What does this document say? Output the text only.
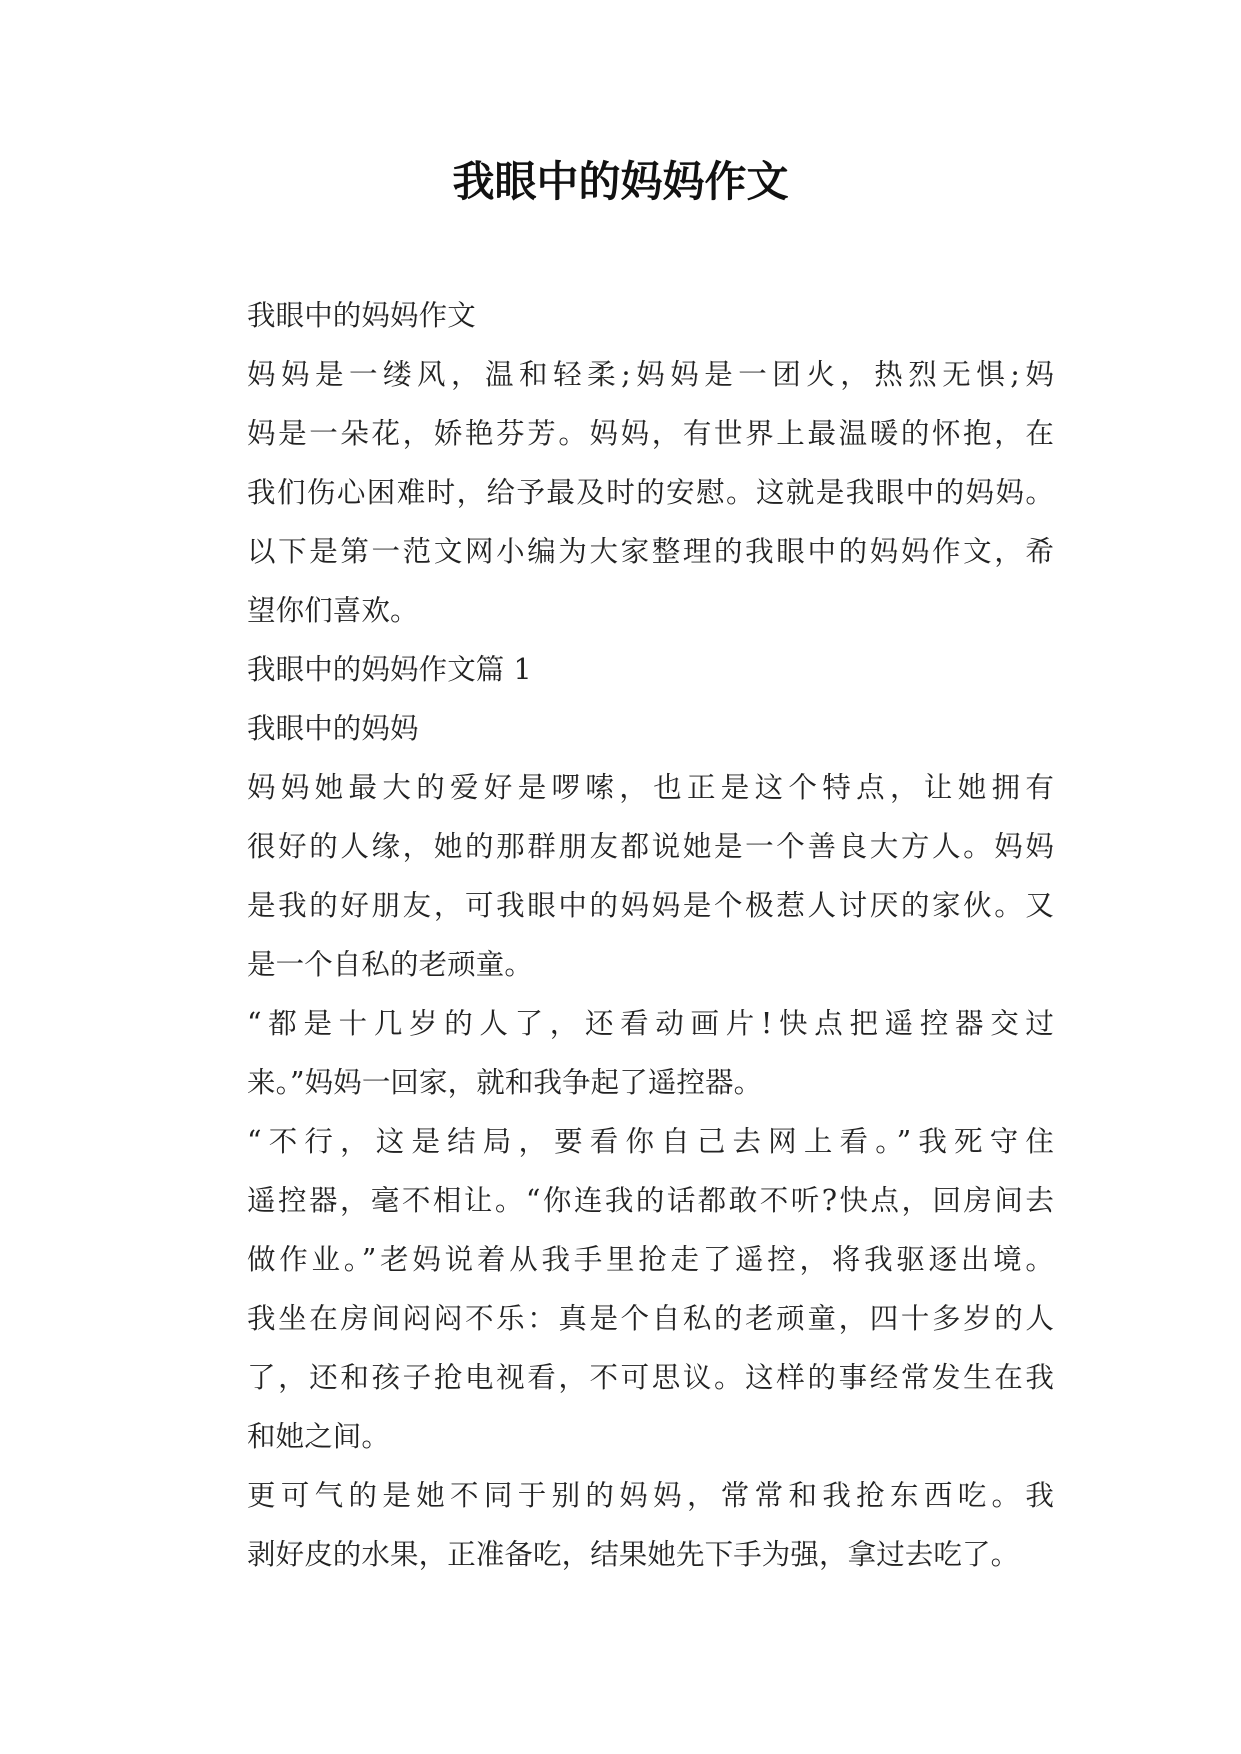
我眼中的妈妈作文

我眼中的妈妈作文

妈妈是一缕风，温和轻柔;妈妈是一团火，热烈无惧;妈
妈是一朵花，娇艳芬芳。妈妈，有世界上最温暖的怀抱，在
我们伤心困难时，给予最及时的安慰。这就是我眼中的妈妈。
以下是第一范文网小编为大家整理的我眼中的妈妈作文，希
望你们喜欢。

我眼中的妈妈作文篇 1

我眼中的妈妈

妈妈她最大的爱好是啰嗦，也正是这个特点，让她拥有
很好的人缘，她的那群朋友都说她是一个善良大方人。妈妈
是我的好朋友，可我眼中的妈妈是个极惹人讨厌的家伙。又
是一个自私的老顽童。

“都是十几岁的人了，还看动画片!快点把遥控器交过
来。”妈妈一回家，就和我争起了遥控器。

“不行，这是结局，要看你自己去网上看。”我死守住
遥控器，毫不相让。“你连我的话都敢不听?快点，回房间去
做作业。”老妈说着从我手里抢走了遥控，将我驱逐出境。
我坐在房间闷闷不乐：真是个自私的老顽童，四十多岁的人
了，还和孩子抢电视看，不可思议。这样的事经常发生在我
和她之间。

更可气的是她不同于别的妈妈，常常和我抢东西吃。我
剥好皮的水果，正准备吃，结果她先下手为强，拿过去吃了。
